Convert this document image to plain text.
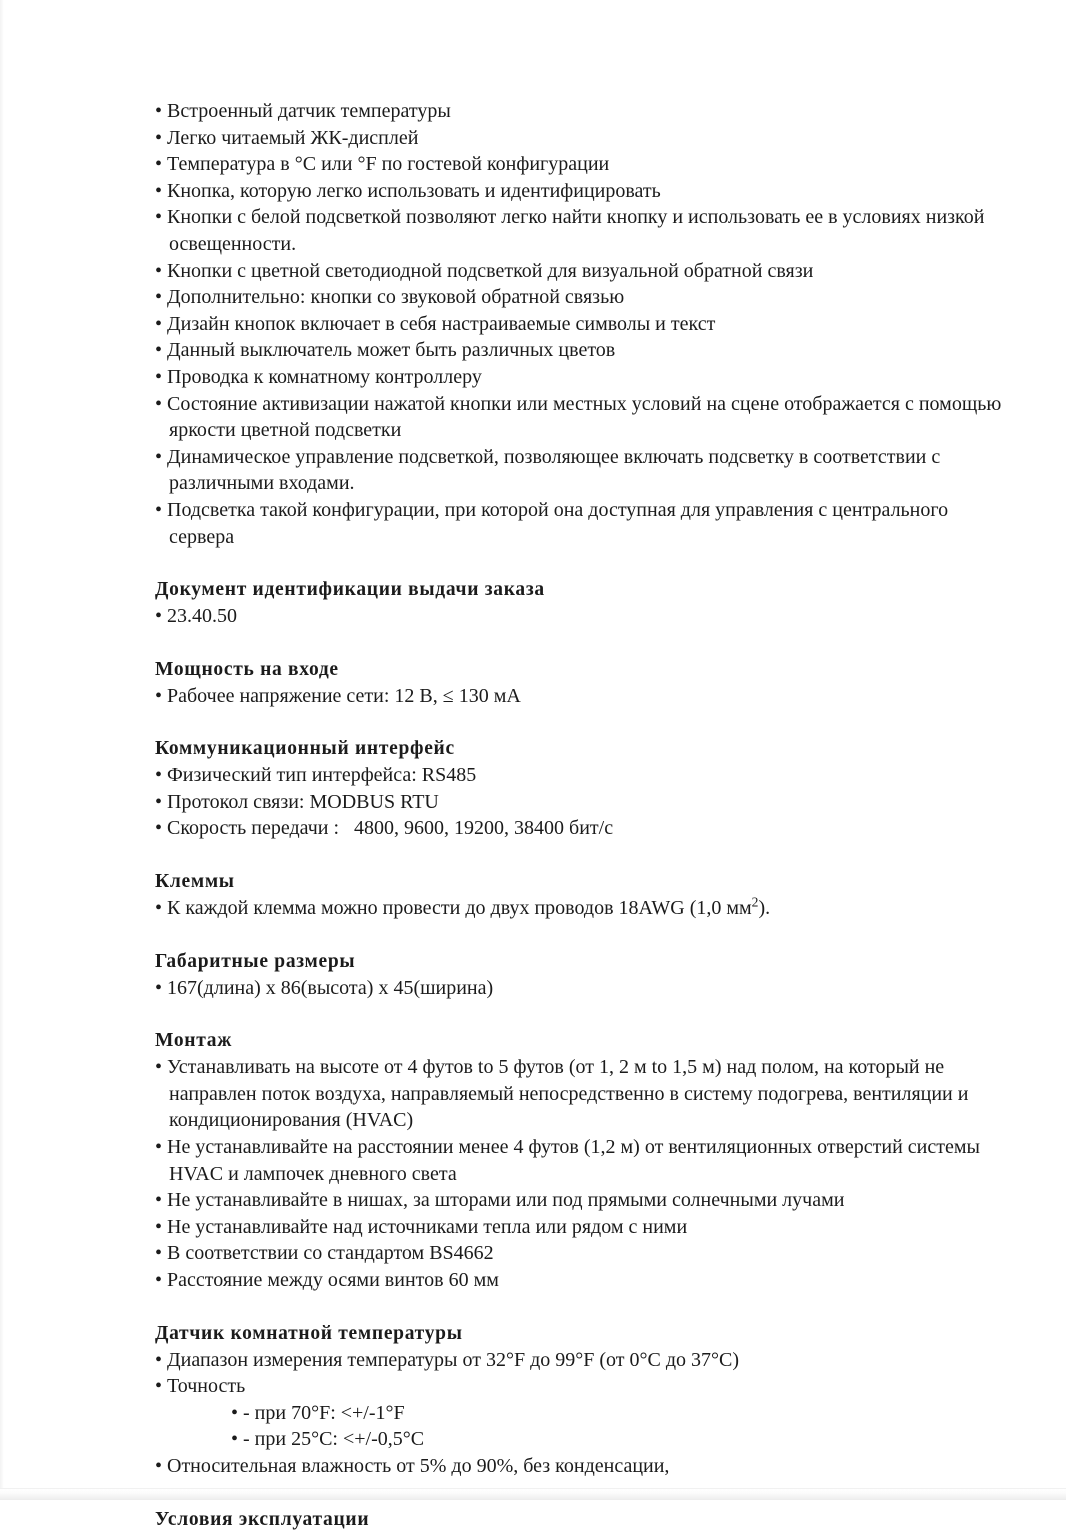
• Встроенный датчик температуры
• Легко читаемый ЖК-дисплей
• Температура в °С или °F по гостевой конфигурации
• Кнопка, которую легко использовать и идентифицировать
• Кнопки с белой подсветкой позволяют легко найти кнопку и использовать ее в условиях низкой освещенности.
• Кнопки с цветной светодиодной подсветкой для визуальной обратной связи
• Дополнительно: кнопки со звуковой обратной связью
• Дизайн кнопок включает в себя настраиваемые символы и текст
• Данный выключатель может быть различных цветов
• Проводка к комнатному контроллеру
• Состояние активизации нажатой кнопки или местных условий на сцене отображается с помощью яркости цветной подсветки
• Динамическое управление подсветкой, позволяющее включать подсветку в соответствии с различными входами.
• Подсветка такой конфигурации, при которой она доступная для управления с центрального сервера
Документ идентификации выдачи заказа
• 23.40.50
Мощность на входе
• Рабочее напряжение сети: 12 В, ≤ 130 мА
Коммуникационный интерфейс
• Физический тип интерфейса: RS485
• Протокол связи: MODBUS RTU
• Скорость передачи :   4800, 9600, 19200, 38400 бит/с
Клеммы
• К каждой клемма можно провести до двух проводов 18AWG (1,0 $мм^2$).
Габаритные размеры
• 167(длина) х 86(высота) х 45(ширина)
Монтаж
• Устанавливать на высоте от 4 футов to 5 футов (от 1, 2 м to 1,5 м) над полом, на который не направлен поток воздуха, направляемый непосредственно в систему подогрева, вентиляции и кондиционирования (HVAC)
• Не устанавливайте на расстоянии менее 4 футов (1,2 м) от вентиляционных отверстий системы HVAC и лампочек дневного света
• Не устанавливайте в нишах, за шторами или под прямыми солнечными лучами
• Не устанавливайте над источниками тепла или рядом с ними
• В соответствии со стандартом BS4662
• Расстояние между осями винтов 60 мм
Датчик комнатной температуры
• Диапазон измерения температуры от 32°F до 99°F (от 0°С до 37°С)
• Точность
• - при 70°F: <+/-1°F
• - при 25°С: <+/-0,5°С
• Относительная влажность от 5% до 90%, без конденсации,
Условия эксплуатации
